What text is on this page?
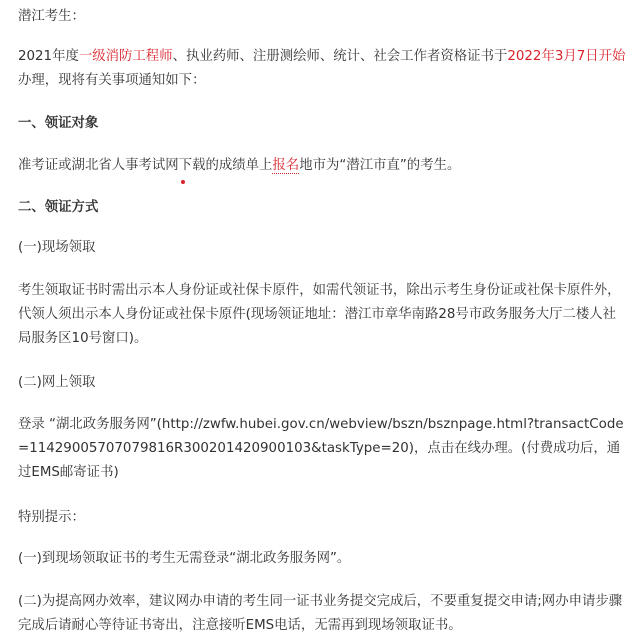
潜江考生：

2021年度一级消防工程师、执业药师、注册测绘师、统计、社会工作者资格证书于2022年3月7日开始办理，现将有关事项通知如下：

一、领证对象

准考证或湖北省人事考试网下载的成绩单上报名地市为“潜江市直”的考生。

二、领证方式

(一)现场领取

考生领取证书时需出示本人身份证或社保卡原件，如需代领证书，除出示考生身份证或社保卡原件外，代领人须出示本人身份证或社保卡原件(现场领证地址：潜江市章华南路28号市政务服务大厅二楼人社局服务区10号窗口)。

(二)网上领取

登录 “湖北政务服务网”(http://zwfw.hubei.gov.cn/webview/bszn/bsznpage.html?transactCode=11429005707079816R300201420900103&taskType=20)，点击在线办理。(付费成功后，通过EMS邮寄证书)

特别提示：

(一)到现场领取证书的考生无需登录“湖北政务服务网”。

(二)为提高网办效率，建议网办申请的考生同一证书业务提交完成后，不要重复提交申请;网办申请步骤完成后请耐心等待证书寄出，注意接听EMS电话，无需再到现场领取证书。
